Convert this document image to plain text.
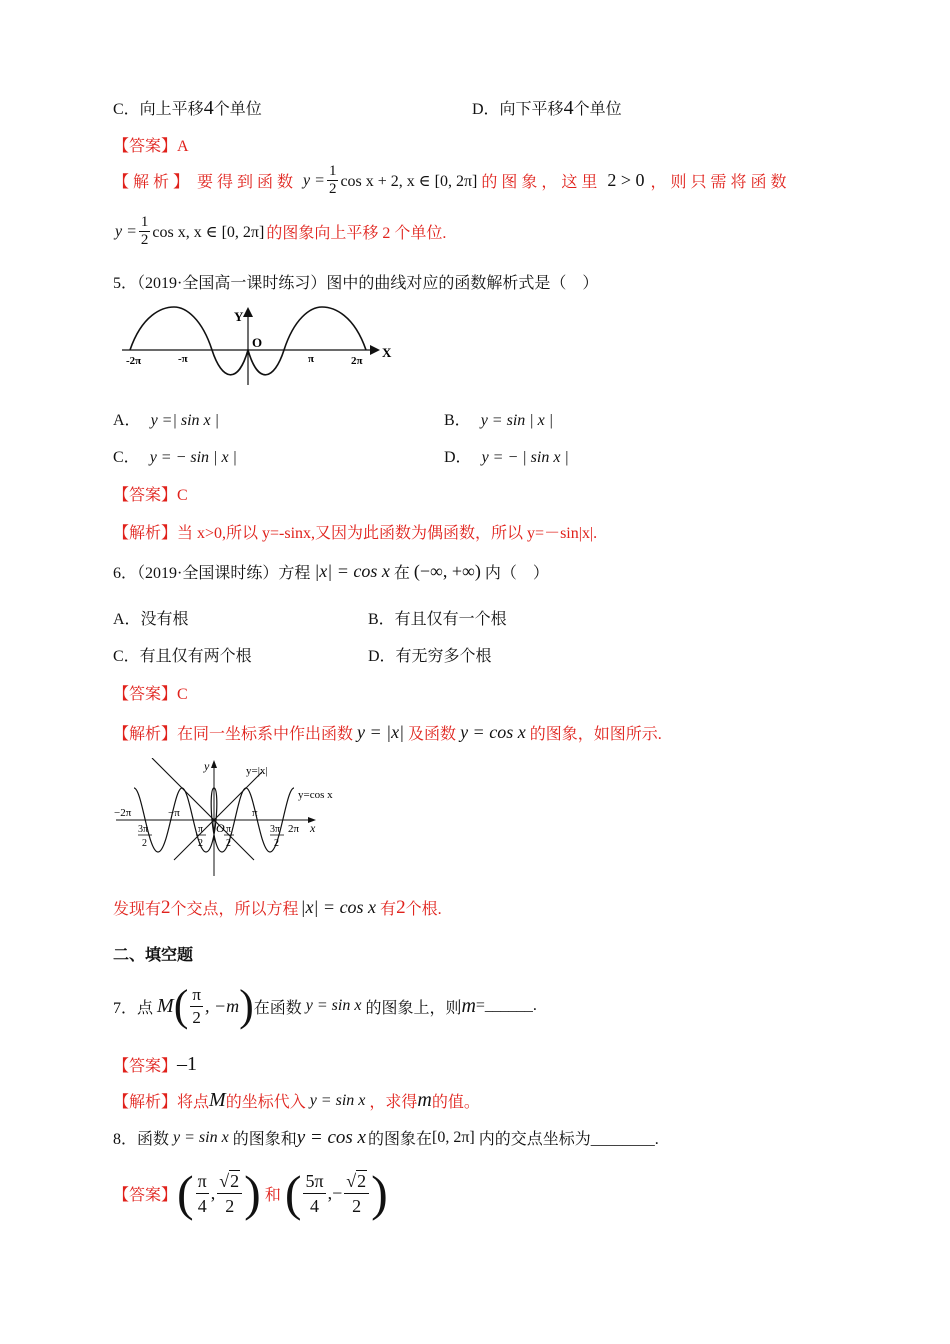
C．向上平移4个单位	D．向下平移4个单位
【答案】A
【 解 析 】 要 得 到 函 数 $y = \frac{1}{2}$ cos x + 2, x ∈ [0, 2π] 的 图 象 ， 这 里 2 > 0 ， 则 只 需 将 函 数
$y = \frac{1}{2}$ cos x, x ∈ [0, 2π] 的图象向上平移 2 个单位.
5．（2019·全国高一课时练习）图中的曲线对应的函数解析式是（　）
Y
O
X
-2π	-π	π	2π
A． y =| sin x |	B． y = sin | x |
C． y = − sin | x |	D． y = − | sin x |
【答案】C
【解析】当 x>0,所以 y=-sinx,又因为此函数为偶函数，所以 y=－sin|x|.
6．（2019·全国课时练）方程 |x| = cos x 在 (−∞, +∞) 内（　）
A．没有根	B．有且仅有一个根
C．有且仅有两个根	D．有无穷多个根
【答案】C
【解析】在同一坐标系中作出函数 y = |x| 及函数 y = cos x 的图象，如图所示.
y	y=|x|
y=cos x
−2π	−π	π
2π
O	x
3π
2
π
2
π
2
3π
2
发现有 2 个交点，所以方程 |x| = cos x 有 2 个根.
二、填空题
7．点 M ( $\frac{\pi}{2}$ , −m ) 在函数 y = sin x 的图象上，则 m =______.
【答案】 –1
【解析】将点 M 的坐标代入 y = sin x ，求得 m 的值。
8．函数 y = sin x 的图象和 y = cos x 的图象在 [0, 2π] 内的交点坐标为________.
【答案】 ( $\frac{\pi}{4}$ , $\frac{√2}{2}$ ) 和 ( $\frac{5\pi}{4}$ , − $\frac{√2}{2}$ )
